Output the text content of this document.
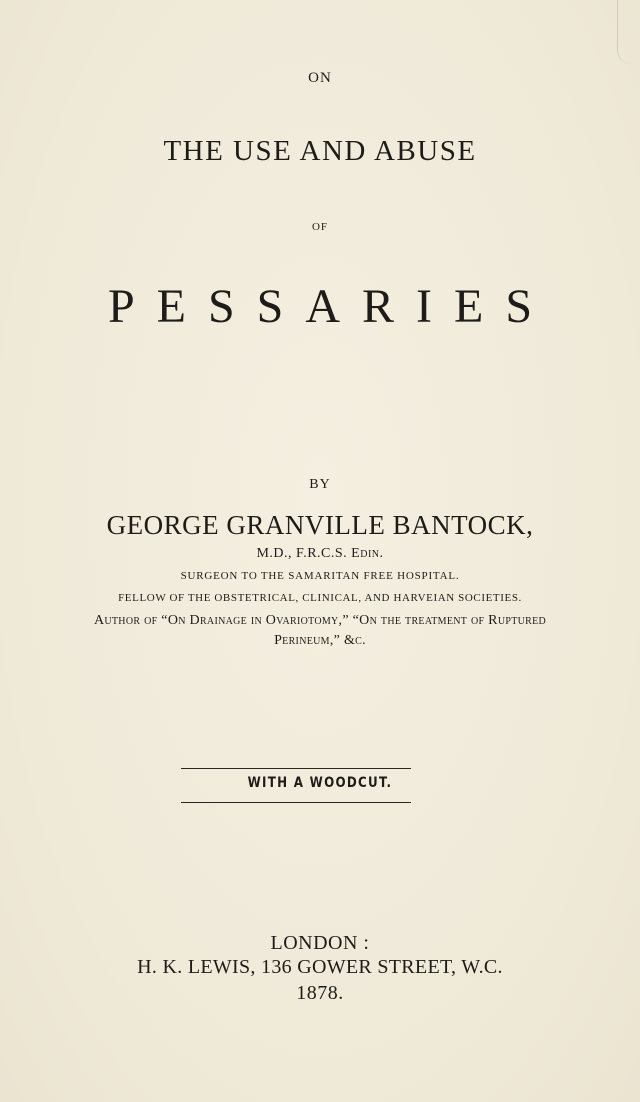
ON
THE USE AND ABUSE
OF
PESSARIES
BY
GEORGE GRANVILLE BANTOCK,
M.D., F.R.C.S. Edin.
SURGEON TO THE SAMARITAN FREE HOSPITAL.
FELLOW OF THE OBSTETRICAL, CLINICAL, AND HARVEIAN SOCIETIES.
Author of “On Drainage in Ovariotomy,” “On the treatment of Ruptured
Perineum,” &c.
WITH A WOODCUT.
LONDON :
H. K. LEWIS, 136 GOWER STREET, W.C.
1878.
